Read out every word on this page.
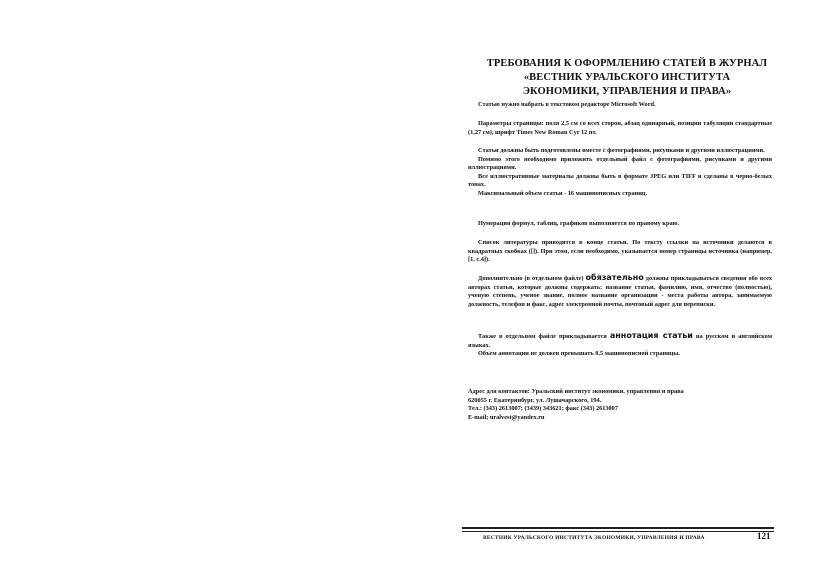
ТРЕБОВАНИЯ К ОФОРМЛЕНИЮ СТАТЕЙ В ЖУРНАЛ
«ВЕСТНИК УРАЛЬСКОГО ИНСТИТУТА
ЭКОНОМИКИ, УПРАВЛЕНИЯ И ПРАВА»

Статью нужно набрать в текстовом редакторе Microsoft Word.

Параметры страницы: поля 2,5 см со всех сторон, абзац одинарный, позиции табуляции стандартные (1,27 см), шрифт Times New Roman Cyr 12 пт.

Статьи должны быть подготовлены вместе с фотографиями, рисунками и другими иллюстрациями.

Помимо этого необходимо приложить отдельный файл с фотографиями, рисунками и другими иллюстрациями.

Все иллюстративные материалы должны быть в формате JPEG или TIFF и сделаны в черно-белых тонах.

Максимальный объем статьи - 16 машинописных страниц.

Нумерация формул, таблиц, графиков выполняется по правому краю.

Список литературы приводится в конце статьи. По тексту ссылки на источники делаются в квадратных скобках ([]). При этом, если необходимо, указывается номер страницы источника (например, [1, с.4]).

Дополнительно (в отдельном файле) обязательно должны прикладываться сведения обо всех авторах статьи, которые должны содержать: название статьи, фамилию, имя, отчество (полностью), ученую степень, ученое звание, полное название организации - места работы автора, занимаемую должность, телефон и факс, адрес электронной почты, почтовый адрес для переписки.

Также в отдельном файле прикладывается аннотация статьи на русском и английском языках.

Объем аннотации не должен превышать 0,5 машинописной страницы.

Адрес для контактов: Уральский институт экономики, управления и права

620055 г. Екатеринбург, ул. Лушачарского, 194.

Тел.: (343) 2613007; (3439) 343621; факс (343) 2613007

E-mail; uralvest@yandex.ru

ВЕСТНИК УРАЛЬСКОГО ИНСТИТУТА ЭКОНОМИКИ, УПРАВЛЕНИЯ И ПРАВА	121
